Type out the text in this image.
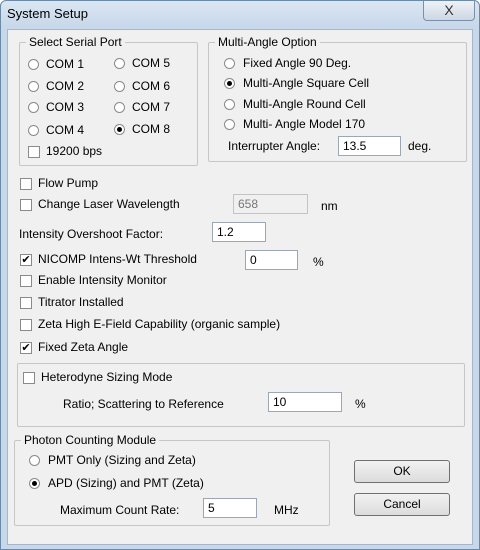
System Setup	X
Select Serial Port
COM 1
COM 2
COM 3
COM 4
COM 5
COM 6
COM 7
COM 8
19200 bps
Multi-Angle Option
Fixed Angle 90 Deg.
Multi-Angle Square Cell
Multi-Angle Round Cell
Multi- Angle Model 170
Interrupter Angle:	13.5	deg.
Flow Pump
Change Laser Wavelength	658	nm
Intensity Overshoot Factor:	1.2
✔ NICOMP Intens-Wt Threshold	0	%
Enable Intensity Monitor
Titrator Installed
Zeta High E-Field Capability (organic sample)
✔ Fixed Zeta Angle
Heterodyne Sizing Mode
Ratio; Scattering to Reference	10	%
Photon Counting Module
PMT Only (Sizing and Zeta)
APD (Sizing) and PMT (Zeta)
Maximum Count Rate:	5	MHz
OK
Cancel
